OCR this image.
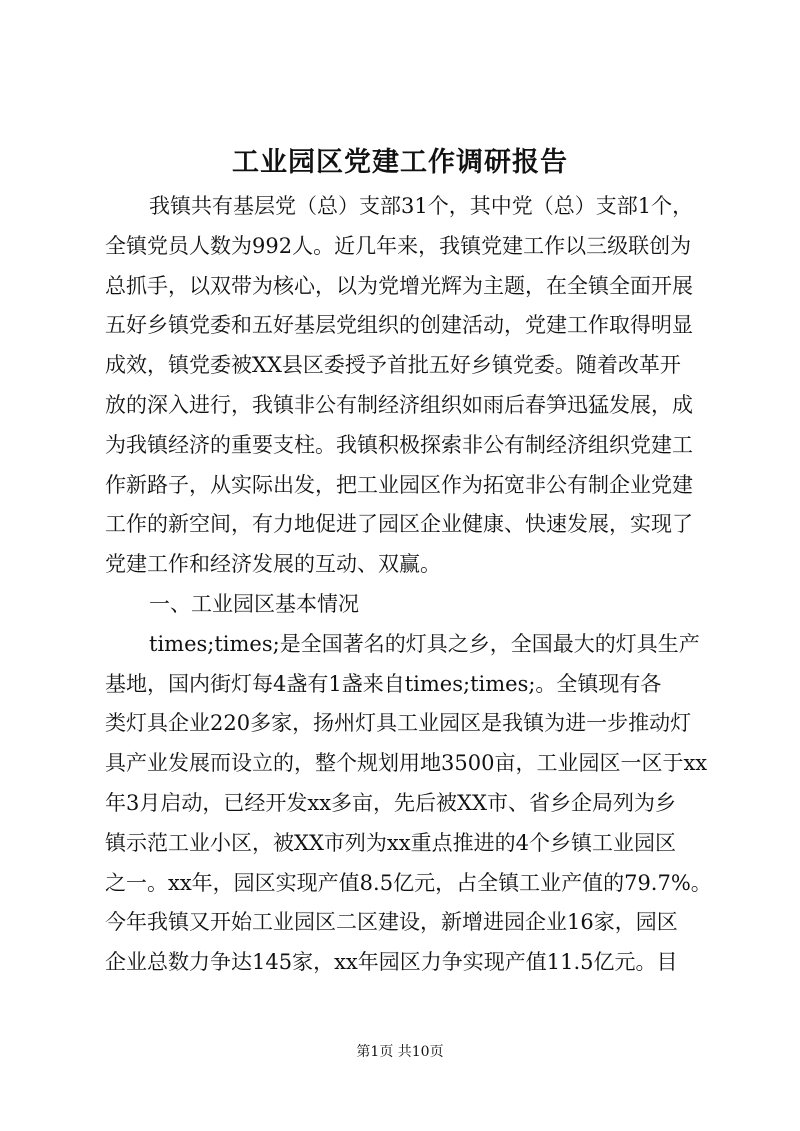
工业园区党建工作调研报告
我镇共有基层党（总）支部31个，其中党（总）支部1个，
全镇党员人数为992人。近几年来，我镇党建工作以三级联创为
总抓手，以双带为核心，以为党增光辉为主题，在全镇全面开展
五好乡镇党委和五好基层党组织的创建活动，党建工作取得明显
成效，镇党委被XX县区委授予首批五好乡镇党委。随着改革开
放的深入进行，我镇非公有制经济组织如雨后春笋迅猛发展，成
为我镇经济的重要支柱。我镇积极探索非公有制经济组织党建工
作新路子，从实际出发，把工业园区作为拓宽非公有制企业党建
工作的新空间，有力地促进了园区企业健康、快速发展，实现了
党建工作和经济发展的互动、双赢。
一、工业园区基本情况
times;times;是全国著名的灯具之乡，全国最大的灯具生产
基地，国内街灯每4盏有1盏来自times;times;。全镇现有各
类灯具企业220多家，扬州灯具工业园区是我镇为进一步推动灯
具产业发展而设立的，整个规划用地3500亩，工业园区一区于xx
年3月启动，已经开发xx多亩，先后被XX市、省乡企局列为乡
镇示范工业小区，被XX市列为xx重点推进的4个乡镇工业园区
之一。xx年，园区实现产值8.5亿元，占全镇工业产值的79.7%。
今年我镇又开始工业园区二区建设，新增进园企业16家，园区
企业总数力争达145家，xx年园区力争实现产值11.5亿元。目
第1页 共10页
